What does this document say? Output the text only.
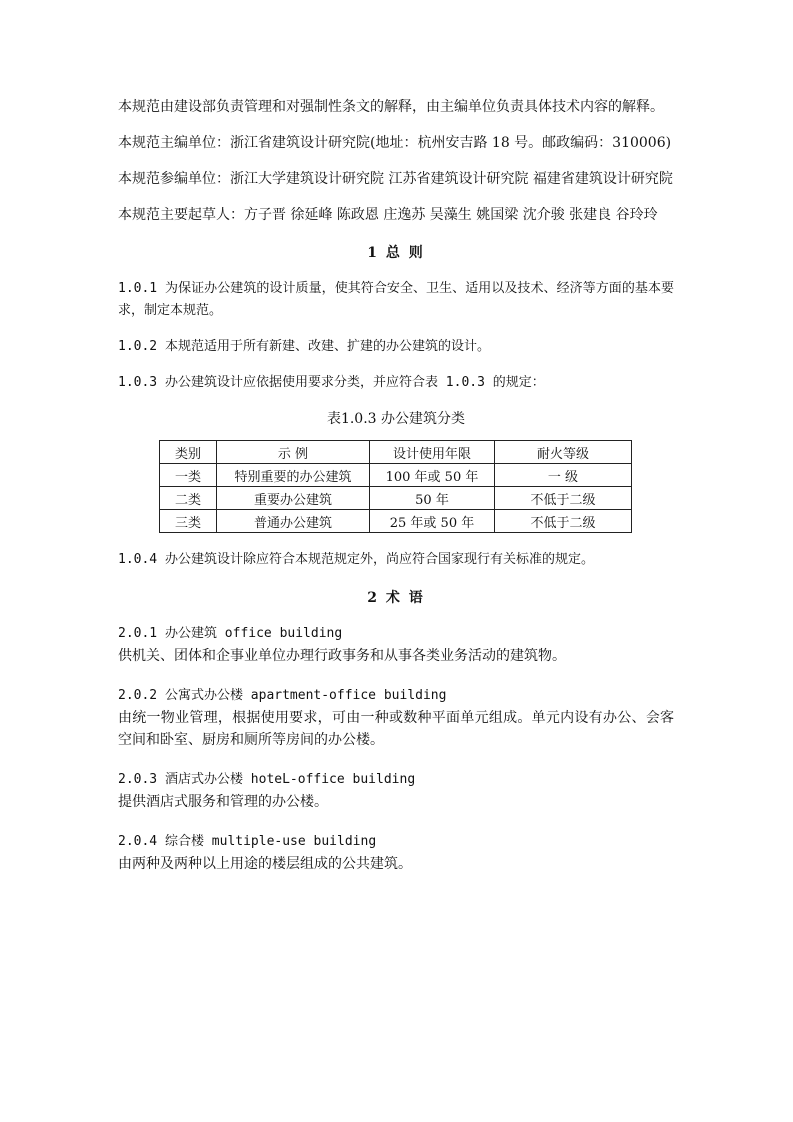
本规范由建设部负责管理和对强制性条文的解释，由主编单位负责具体技术内容的解释。

本规范主编单位：浙江省建筑设计研究院(地址：杭州安吉路 18 号。邮政编码：310006)

本规范参编单位：浙江大学建筑设计研究院 江苏省建筑设计研究院 福建省建筑设计研究院

本规范主要起草人：方子晋 徐延峰 陈政恩 庄逸苏 吴藻生 姚国梁 沈介骏 张建良 谷玲玲

1 总 则

1.0.1 为保证办公建筑的设计质量，使其符合安全、卫生、适用以及技术、经济等方面的基本要求，制定本规范。

1.0.2 本规范适用于所有新建、改建、扩建的办公建筑的设计。

1.0.3 办公建筑设计应依据使用要求分类，并应符合表 1.0.3 的规定：

表1.0.3 办公建筑分类
类别	示 例	设计使用年限	耐火等级
一类	特别重要的办公建筑	100 年或 50 年	一 级
二类	重要办公建筑	50 年	不低于二级
三类	普通办公建筑	25 年或 50 年	不低于二级

1.0.4 办公建筑设计除应符合本规范规定外，尚应符合国家现行有关标准的规定。

2 术 语
2.0.1 办公建筑 office building
供机关、团体和企事业单位办理行政事务和从事各类业务活动的建筑物。
2.0.2 公寓式办公楼 apartment-office building
由统一物业管理，根据使用要求，可由一种或数种平面单元组成。单元内设有办公、会客空间和卧室、厨房和厕所等房间的办公楼。
2.0.3 酒店式办公楼 hoteL-office building
提供酒店式服务和管理的办公楼。
2.0.4 综合楼 multiple-use building
由两种及两种以上用途的楼层组成的公共建筑。
